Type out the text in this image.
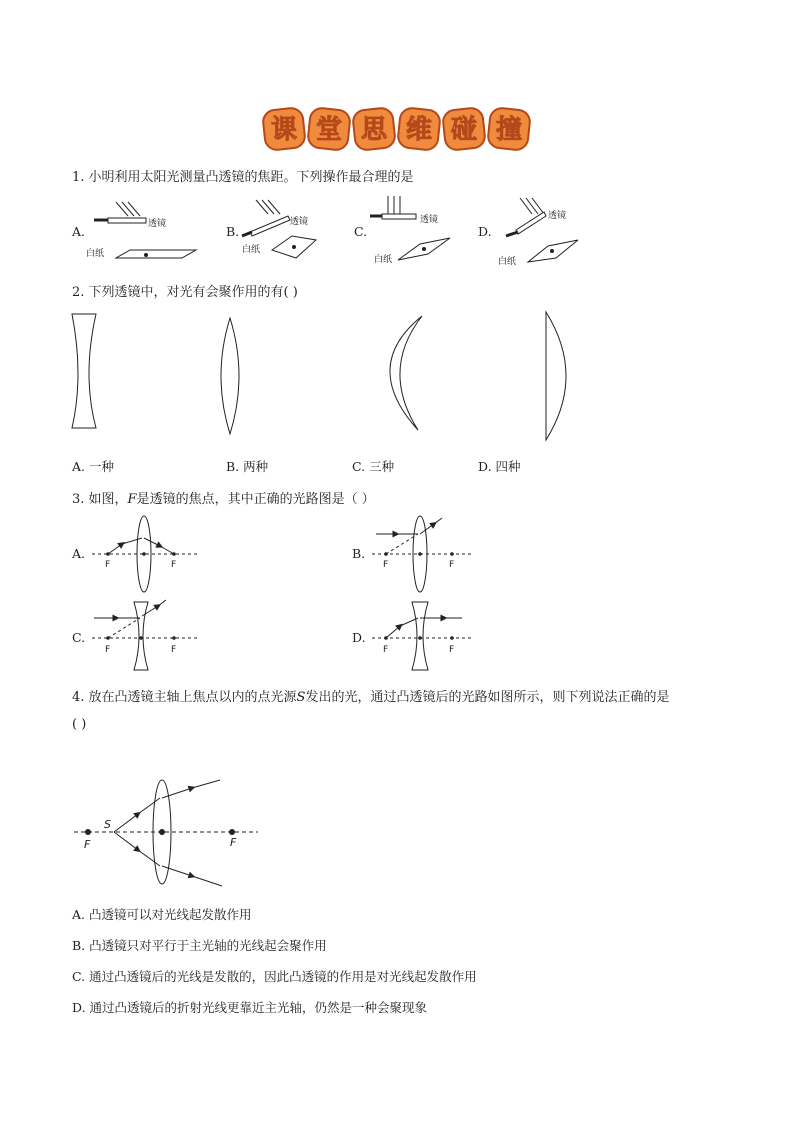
课 堂 思 维 碰 撞
1. 小明利用太阳光测量凸透镜的焦距。下列操作最合理的是
A.	透镜
白纸
B.
透镜
白纸
C.
透镜
白纸
D.
透镜
白纸
2. 下列透镜中，对光有会聚作用的有( )
A. 一种	B. 两种	C. 三种	D. 四种
3. 如图，F是透镜的焦点，其中正确的光路图是（ ）
A.
F	F
B.
F	F
C.
F	F
D.
F	F
4. 放在凸透镜主轴上焦点以内的点光源S发出的光，通过凸透镜后的光路如图所示，则下列说法正确的是
( )
S
F	F
A. 凸透镜可以对光线起发散作用
B. 凸透镜只对平行于主光轴的光线起会聚作用
C. 通过凸透镜后的光线是发散的，因此凸透镜的作用是对光线起发散作用
D. 通过凸透镜后的折射光线更靠近主光轴，仍然是一种会聚现象
